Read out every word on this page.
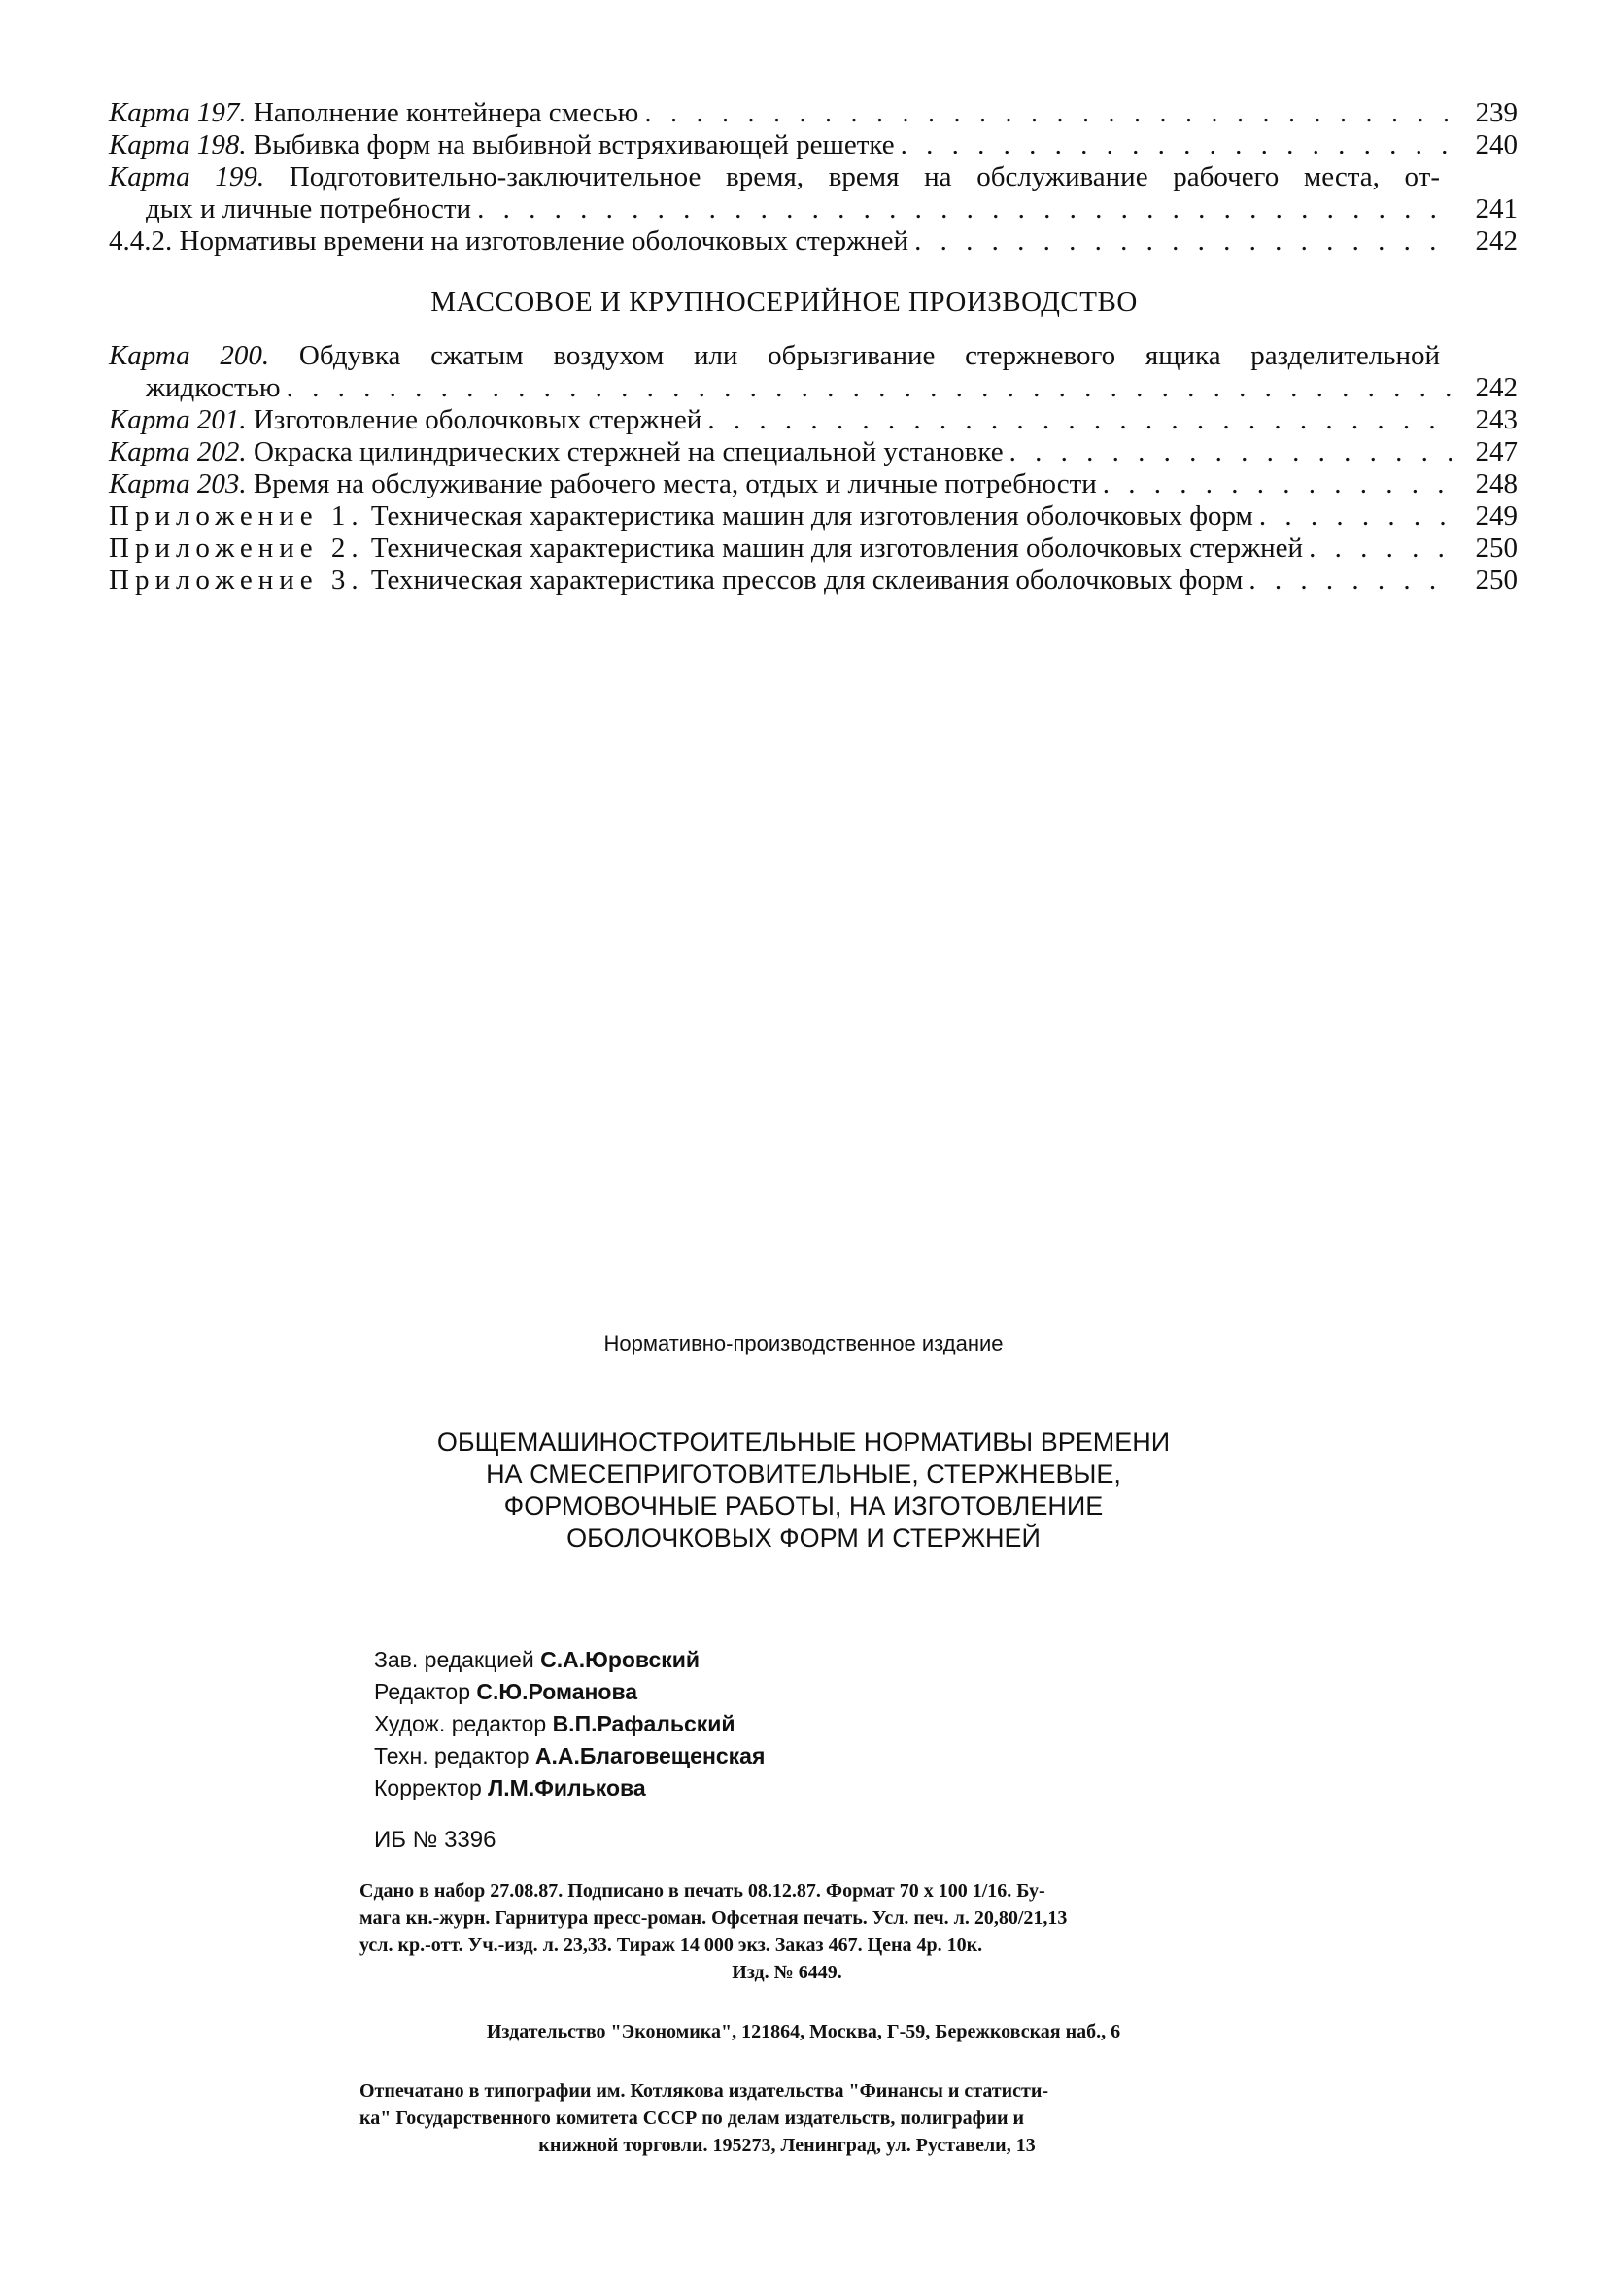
Карта 197. Наполнение контейнера смесью . . .	239
Карта 198. Выбивка форм на выбивной встряхивающей решетке . . .	240
Карта 199. Подготовительно-заключительное время, время на обслуживание рабочего места, от-
дых и личные потребности . . .	241
4.4.2. Нормативы времени на изготовление оболочковых стержней . . .	242
МАССОВОЕ И КРУПНОСЕРИЙНОЕ ПРОИЗВОДСТВО
Карта 200. Обдувка сжатым воздухом или обрызгивание стержневого ящика разделительной
жидкостью . . .	242
Карта 201. Изготовление оболочковых стержней . . .	243
Карта 202. Окраска цилиндрических стержней на специальной установке . . .	247
Карта 203. Время на обслуживание рабочего места, отдых и личные потребности . . .	248
Приложение 1. Техническая характеристика машин для изготовления оболочковых форм . . .	249
Приложение 2. Техническая характеристика машин для изготовления оболочковых стержней . . .	250
Приложение 3. Техническая характеристика прессов для склеивания оболочковых форм . . .	250
Нормативно-производственное издание
ОБЩЕМАШИНОСТРОИТЕЛЬНЫЕ НОРМАТИВЫ ВРЕМЕНИ
НА СМЕСЕПРИГОТОВИТЕЛЬНЫЕ, СТЕРЖНЕВЫЕ,
ФОРМОВОЧНЫЕ РАБОТЫ, НА ИЗГОТОВЛЕНИЕ
ОБОЛОЧКОВЫХ ФОРМ И СТЕРЖНЕЙ
Зав. редакцией С.А.Юровский
Редактор С.Ю.Романова
Худож. редактор В.П.Рафальский
Техн. редактор А.А.Благовещенская
Корректор Л.М.Филькова
ИБ № 3396
Сдано в набор 27.08.87. Подписано в печать 08.12.87. Формат 70 x 100 1/16. Бу-
мага кн.-журн. Гарнитура пресс-роман. Офсетная печать. Усл. печ. л. 20,80/21,13
усл. кр.-отт. Уч.-изд. л. 23,33. Тираж 14 000 экз. Заказ 467. Цена 4р. 10к.
Изд. № 6449.
Издательство "Экономика", 121864, Москва, Г-59, Бережковская наб., 6
Отпечатано в типографии им. Котлякова издательства "Финансы и статисти-
ка" Государственного комитета СССР по делам издательств, полиграфии и
книжной торговли. 195273, Ленинград, ул. Руставели, 13
